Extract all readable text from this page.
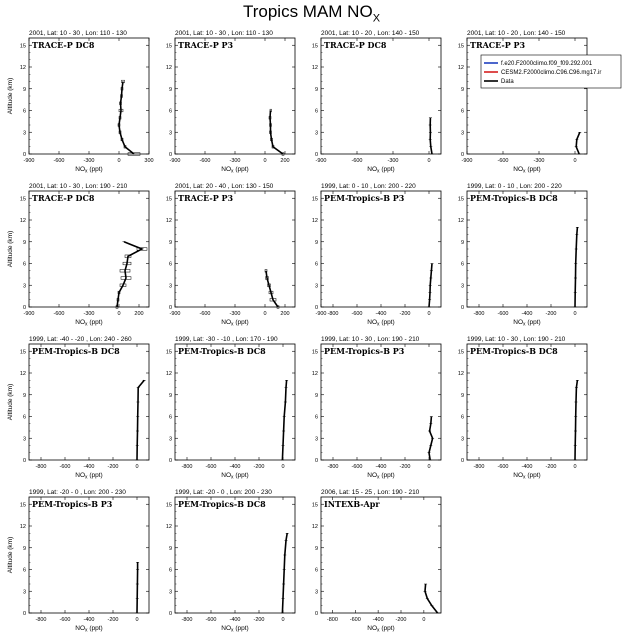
Tropics MAM $NO_X$
2001, Lat: 10 - 30 , Lon: 110 - 130
TRACE-P DC8
0
3
6
9
12
15
-900	-600	-300	0	300
$NO_x$ (ppt)
Altitude (km)
2001, Lat: 10 - 30 , Lon: 110 - 130
TRACE-P P3
0
3
6
9
12
15
-900	-600	-300	0	200
$NO_x$ (ppt)
2001, Lat: 10 - 20 , Lon: 140 - 150
TRACE-P DC8
0
3
6
9
12
15
-900	-600	-300	0
$NO_x$ (ppt)
2001, Lat: 10 - 20 , Lon: 140 - 150
TRACE-P P3
0
3
6
9
12
15
-900	-600	-300	0
$NO_x$ (ppt)
f.e20.F2000climo.f09_f09.292.001
CESM2.F2000climo.C96.C96.mg17.ir
Data
2001, Lat: 10 - 30 , Lon: 190 - 210
TRACE-P DC8
0
3
6
9
12
15
-900	-600	-300	0	200
$NO_x$ (ppt)
Altitude (km)
2001, Lat: 20 - 40 , Lon: 130 - 150
TRACE-P P3
0
3
6
9
12
15
-900	-600	-300	0	200
$NO_x$ (ppt)
1999, Lat: 0 - 10 , Lon: 200 - 220
PEM-Tropics-B P3
0
3
6
9
12
15
-900 -800 -600 -400 -200	0
$NO_x$ (ppt)
1999, Lat: 0 - 10 , Lon: 200 - 220
PEM-Tropics-B DC8
0
3
6
9
12
15
-800 -600 -400 -200	0
$NO_x$ (ppt)
1999, Lat: -40 - -20 , Lon: 240 - 260
PEM-Tropics-B DC8
0
3
6
9
12
15
-800 -600 -400 -200	0
$NO_x$ (ppt)
Altitude (km)
1999, Lat: -30 - -10 , Lon: 170 - 190
PEM-Tropics-B DC8
0
3
6
9
12
15
-800 -600 -400 -200	0
$NO_x$ (ppt)
1999, Lat: 10 - 30 , Lon: 190 - 210
PEM-Tropics-B P3
0
3
6
9
12
15
-800 -600 -400 -200	0
$NO_x$ (ppt)
1999, Lat: 10 - 30 , Lon: 190 - 210
PEM-Tropics-B DC8
0
3
6
9
12
15
-800 -600 -400 -200	0
$NO_x$ (ppt)
1999, Lat: -20 - 0 , Lon: 200 - 230
PEM-Tropics-B P3
0
3
6
9
12
15
-800 -600 -400 -200	0
$NO_x$ (ppt)
Altitude (km)
1999, Lat: -20 - 0 , Lon: 200 - 230
PEM-Tropics-B DC8
0
3
6
9
12
15
-800 -600 -400 -200	0
$NO_x$ (ppt)
2006, Lat: 15 - 25 , Lon: 190 - 210
INTEXB-Apr
0
3
6
9
12
15
-800 -600 -400 -200	0
$NO_x$ (ppt)
